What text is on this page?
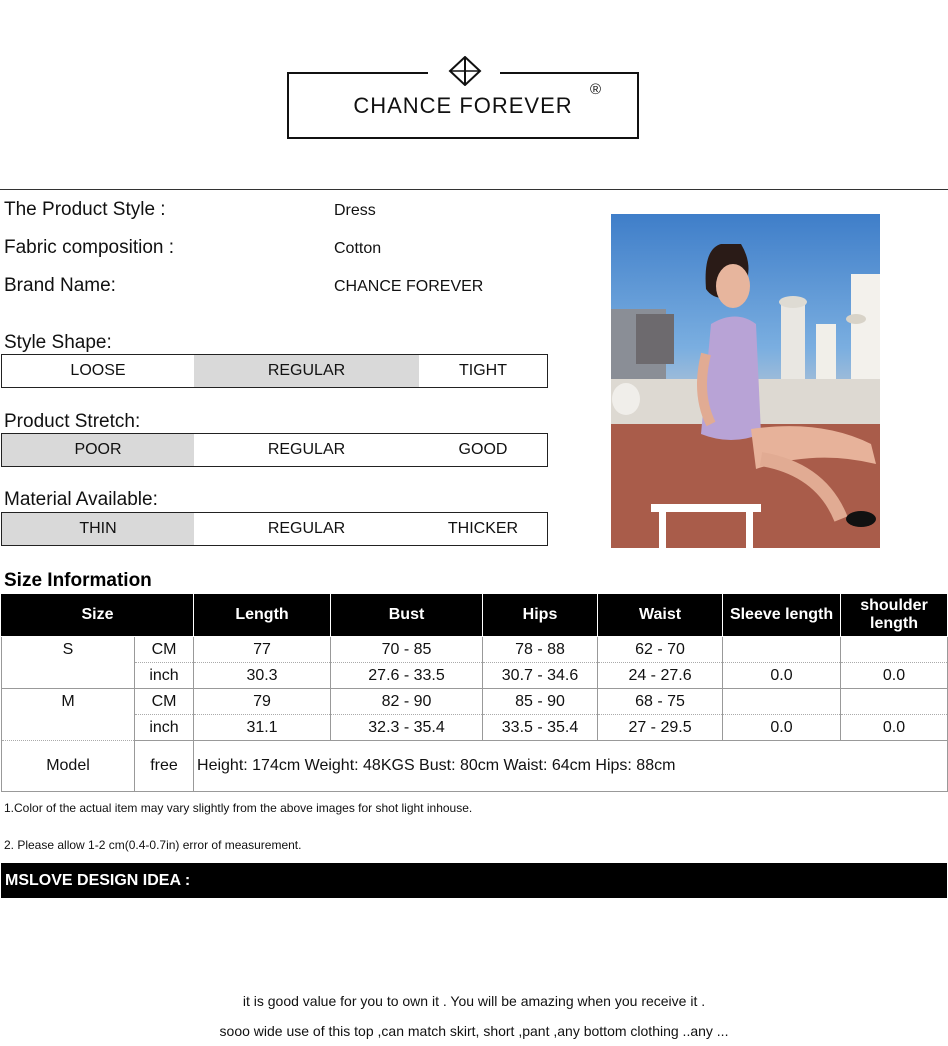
CHANCE FOREVER
®
The Product Style :	Dress
Fabric composition :	Cotton
Brand Name:	CHANCE FOREVER
Style Shape:
LOOSE	REGULAR	TIGHT
Product Stretch:
POOR	REGULAR	GOOD
Material Available:
THIN	REGULAR	THICKER
Size Information
Size		Length	Bust	Hips	Waist	Sleeve length	shoulder length
S	CM	77	70 - 85	78 - 88	62 - 70		
	inch	30.3	27.6 - 33.5	30.7 - 34.6	24 - 27.6	0.0	0.0
M	CM	79	82 - 90	85 - 90	68 - 75		
	inch	31.1	32.3 - 35.4	33.5 - 35.4	27 - 29.5	0.0	0.0
Model	free	Height: 174cm Weight: 48KGS Bust: 80cm Waist: 64cm Hips: 88cm					
1.Color of the actual item may vary slightly from the above images for shot light inhouse.
2. Please allow 1-2 cm(0.4-0.7in) error of measurement.
MSLOVE DESIGN IDEA :
it is good value for you to own it . You will be amazing when you receive it .
sooo wide use of this top ,can match skirt, short ,pant ,any bottom clothing ..any ...
